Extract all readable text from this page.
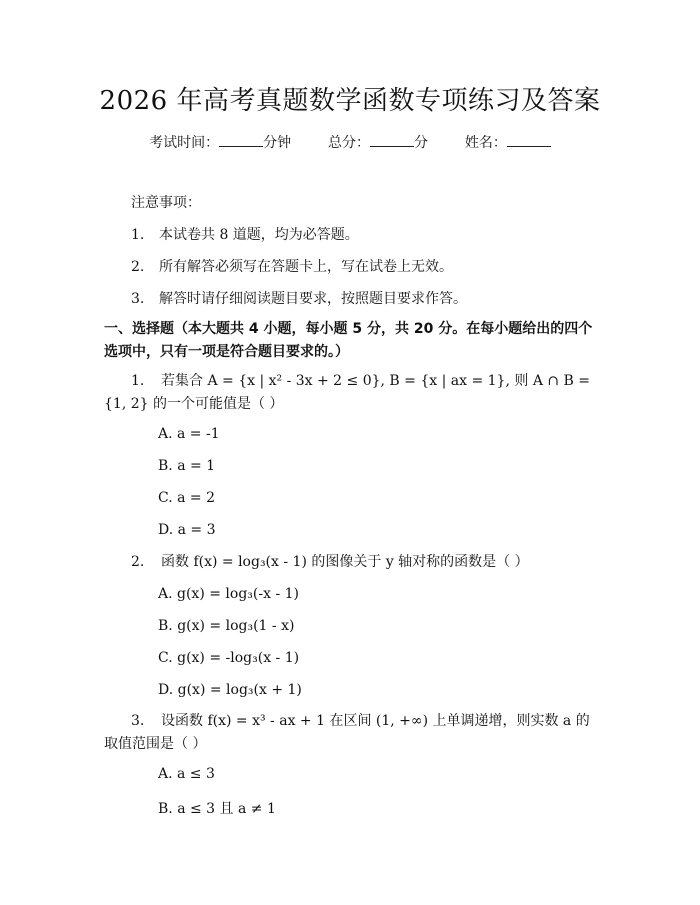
2026 年高考真题数学函数专项练习及答案
考试时间：	分钟	总分：	分	姓名：
注意事项：
1. 本试卷共 8 道题，均为必答题。
2. 所有解答必须写在答题卡上，写在试卷上无效。
3. 解答时请仔细阅读题目要求，按照题目要求作答。
一、选择题（本大题共 4 小题，每小题 5 分，共 20 分。在每小题给出的四个选项中，只有一项是符合题目要求的。）
1. 若集合 A = {x | x² - 3x + 2 ≤ 0}, B = {x | ax = 1}, 则 A ∩ B = {1, 2} 的一个可能值是（ ）
A. a = -1
B. a = 1
C. a = 2
D. a = 3
2. 函数 f(x) = log₃(x - 1) 的图像关于 y 轴对称的函数是（ ）
A. g(x) = log₃(-x - 1)
B. g(x) = log₃(1 - x)
C. g(x) = -log₃(x - 1)
D. g(x) = log₃(x + 1)
3. 设函数 f(x) = x³ - ax + 1 在区间 (1, +∞) 上单调递增，则实数 a 的取值范围是（ ）
A. a ≤ 3
B. a ≤ 3 且 a ≠ 1
